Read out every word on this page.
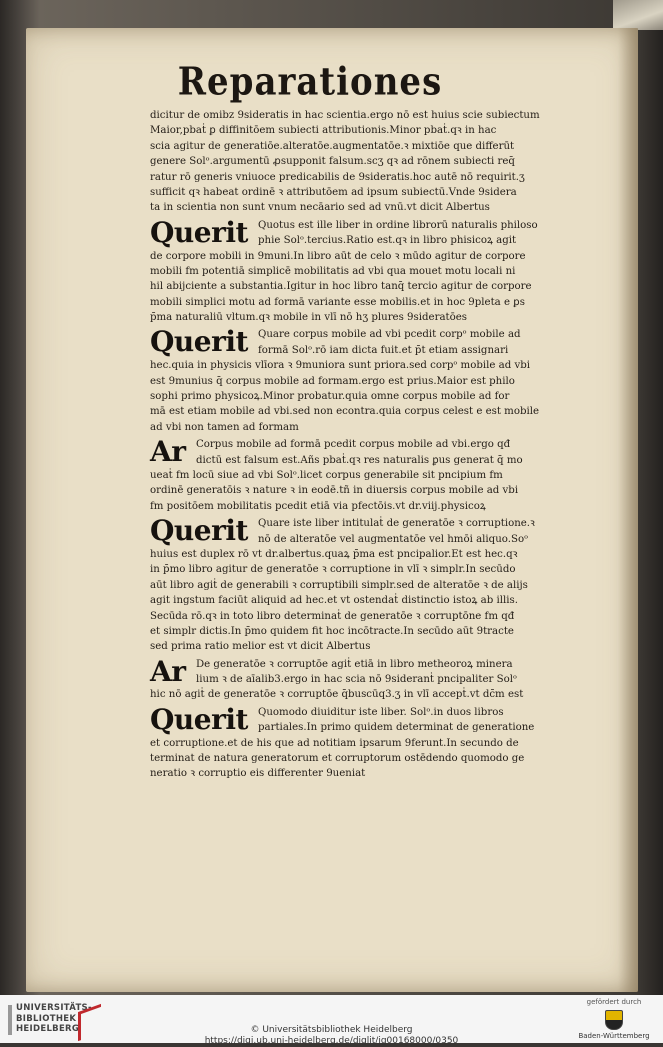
Reparationes
dicitur de omibz 9sideratis in hac scientia.ergo nō est huius scie subiectum
Maior,pbaṫ ꝑ diffinitōem subiecti attributionis.Minor pbaṫ.qꝛ in hac
scia agitur de generatiōe.alteratōe.augmentatōe.ꝛ mixtiōe que differūt
genere Solᵒ.argumentū ꝓsupponit falsum.scʒ qꝛ ad rōnem subiecti req̄
ratur rō generis vniuoce predicabilis de 9sideratis.hoc autē nō requirit.ʒ
sufficit qꝛ habeat ordinē ꝛ attributōem ad ipsum subiectū.Vnde 9sidera
ta in scientia non sunt vnum necāario sed ad vnū.vt dicit Albertus
Querit Quotus est ille liber in ordine librorū naturalis philoso
phie Solᵒ.tercius.Ratio est.qꝛ in libro phisicoꝝ agit
de corpore mobili in 9muni.In libro aūt de celo ꝛ mūdo agitur de corpore
mobili fm potentiā simplicē mobilitatis ad vbi qua mouet motu locali ni
hil abijciente a substantia.Igitur in hoc libro tanq̄ tercio agitur de corpore
mobili simplici motu ad formā variante esse mobilis.et in hoc 9pleta e ꝑs
p̄ma naturaliū vltum.qꝛ mobile in vlī nō hʒ plures 9sideratōes
Querit Quare corpus mobile ad vbi pcedit corpᵒ mobile ad
formā Solᵒ.rō iam dicta fuit.et p̄t etiam assignari
hec.quia in physicis vlīora ꝛ 9muniora sunt priora.sed corpᵒ mobile ad vbi
est 9munius q̄ corpus mobile ad formam.ergo est prius.Maior est philo
sophi primo physicoꝝ.Minor probatur.quia omne corpus mobile ad for
mā est etiam mobile ad vbi.sed non econtra.quia corpus celest e est mobile
ad vbi non tamen ad formam
Ar	Corpus mobile ad formā pcedit corpus mobile ad vbi.ergo qđ
dictū est falsum est.Añs pbaṫ.qꝛ res naturalis ꝑus generat q̄ mo
ueaṫ fm locū siue ad vbi Solᵒ.licet corpus generabile sit pncipium fm
ordinē generatōis ꝛ nature ꝛ in eodē.tñ in diuersis corpus mobile ad vbi
fm positōem mobilitatis pcedit etiā via pfectōis.vt dr.viij.physicoꝝ
Querit Quare iste liber intitulaṫ de generatōe ꝛ corruptione.ꝛ
nō de alteratōe vel augmentatōe vel hmōi aliquo.Soᵒ
huius est duplex rō vt dr.albertus.quaꝝ p̄ma est pncipalior.Et est hec.qꝛ
in p̄mo libro agitur de generatōe ꝛ corruptione in vlī ꝛ simplr.In secūdo
aūt libro agiṫ de generabili ꝛ corruptibili simplr.sed de alteratōe ꝛ de alijs
agit ingstum faciūt aliquid ad hec.et vt ostendaṫ distinctio istoꝝ ab illis.
Secūda rō.qꝛ in toto libro determinaṫ de generatōe ꝛ corruptōne fm qđ
et simplr dictis.In p̄mo quidem fit hoc incōtracte.In secūdo aūt 9tracte
sed prima ratio melior est vt dicit Albertus
Ar	De generatōe ꝛ corruptōe agiṫ etiā in libro metheoroꝝ minera
lium ꝛ de aīalib3.ergo in hac scia nō 9sideranṫ pncipaliter Solᵒ
hic nō agiṫ de generatōe ꝛ corruptōe q̄buscūq3.ʒ in vlī accepṫ.vt dc̄m est
Querit Quomodo diuiditur iste liber. Solᵒ.in duos libros
partiales.In primo quidem determinat de generatione
et corruptione.et de his que ad notitiam ipsarum 9ferunt.In secundo de
terminat de natura generatorum et corruptorum ostēdendo quomodo ge
neratio ꝛ corruptio eis differenter 9ueniat
UNIVERSITÄTS-
BIBLIOTHEK
HEIDELBERG	© Universitätsbibliothek Heidelberg
https://digi.ub.uni-heidelberg.de/diglit/ig00168000/0350
gefördert durch
Baden-Württemberg
